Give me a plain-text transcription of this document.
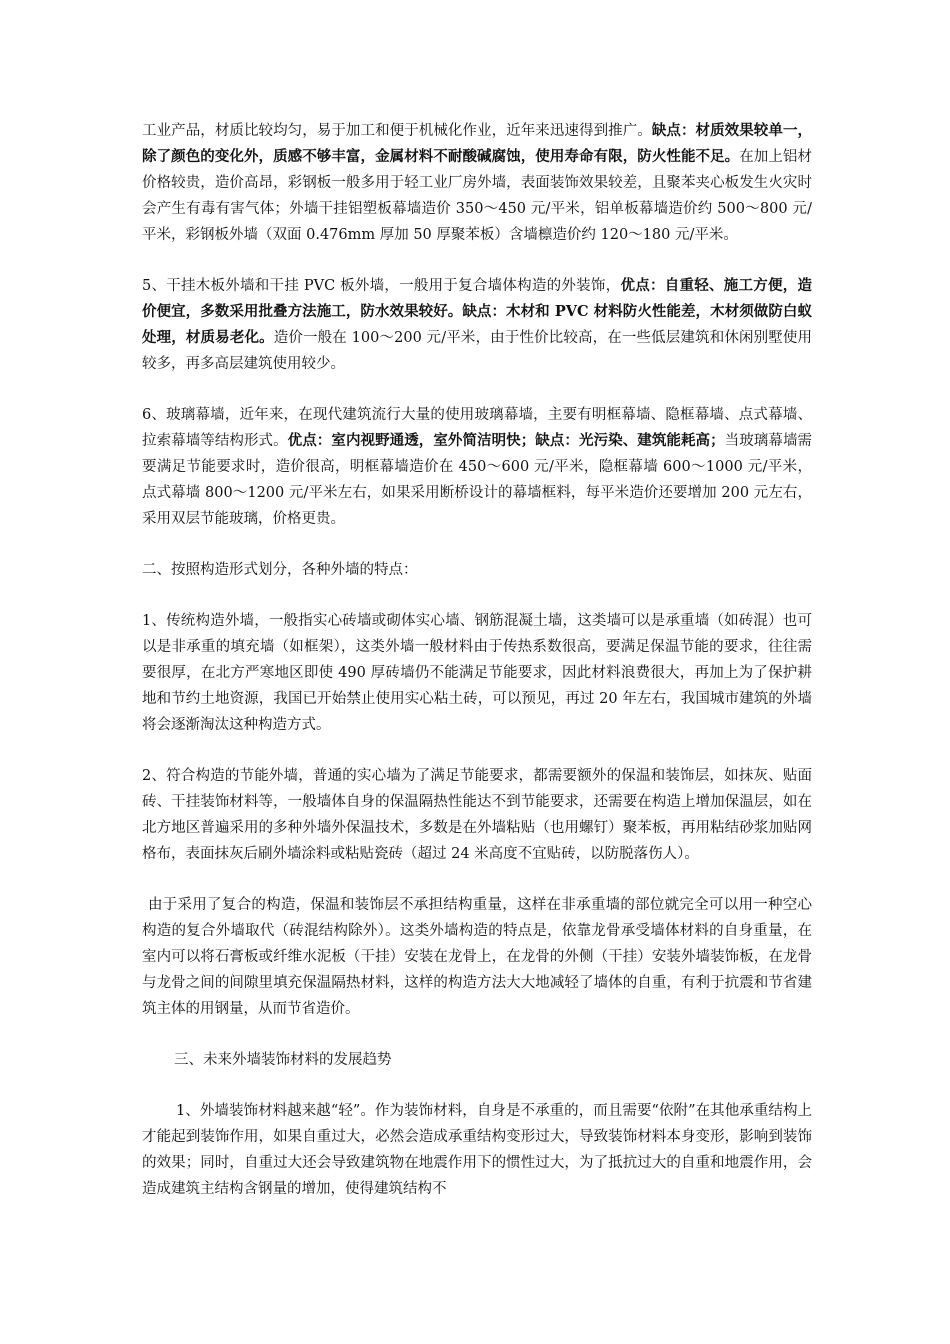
工业产品，材质比较均匀，易于加工和便于机械化作业，近年来迅速得到推广。缺点：材质效果较单一，除了颜色的变化外，质感不够丰富，金属材料不耐酸碱腐蚀，使用寿命有限，防火性能不足。在加上铝材价格较贵，造价高昂，彩钢板一般多用于轻工业厂房外墙，表面装饰效果较差，且聚苯夹心板发生火灾时会产生有毒有害气体；外墙干挂铝塑板幕墙造价 350～450 元/平米，铝单板幕墙造价约 500～800 元/平米，彩钢板外墙（双面 0.476mm 厚加 50 厚聚苯板）含墙檩造价约 120～180 元/平米。

5、干挂木板外墙和干挂 PVC 板外墙，一般用于复合墙体构造的外装饰，优点：自重轻、施工方便，造价便宜，多数采用批叠方法施工，防水效果较好。缺点：木材和 PVC 材料防火性能差，木材须做防白蚁处理，材质易老化。造价一般在 100～200 元/平米，由于性价比较高，在一些低层建筑和休闲别墅使用较多，再多高层建筑使用较少。

6、玻璃幕墙，近年来，在现代建筑流行大量的使用玻璃幕墙，主要有明框幕墙、隐框幕墙、点式幕墙、拉索幕墙等结构形式。优点：室内视野通透，室外简洁明快；缺点：光污染、建筑能耗高；当玻璃幕墙需要满足节能要求时，造价很高，明框幕墙造价在 450～600 元/平米，隐框幕墙 600～1000 元/平米，点式幕墙 800～1200 元/平米左右，如果采用断桥设计的幕墙框料，每平米造价还要增加 200 元左右，采用双层节能玻璃，价格更贵。

二、按照构造形式划分，各种外墙的特点：

1、传统构造外墙，一般指实心砖墙或砌体实心墙、钢筋混凝土墙，这类墙可以是承重墙（如砖混）也可以是非承重的填充墙（如框架），这类外墙一般材料由于传热系数很高，要满足保温节能的要求，往往需要很厚，在北方严寒地区即使 490 厚砖墙仍不能满足节能要求，因此材料浪费很大，再加上为了保护耕地和节约土地资源，我国已开始禁止使用实心粘土砖，可以预见，再过 20 年左右，我国城市建筑的外墙将会逐渐淘汰这种构造方式。

2、符合构造的节能外墙，普通的实心墙为了满足节能要求，都需要额外的保温和装饰层，如抹灰、贴面砖、干挂装饰材料等，一般墙体自身的保温隔热性能达不到节能要求，还需要在构造上增加保温层，如在北方地区普遍采用的多种外墙外保温技术，多数是在外墙粘贴（也用螺钉）聚苯板，再用粘结砂浆加贴网格布，表面抹灰后刷外墙涂料或粘贴瓷砖（超过 24 米高度不宜贴砖，以防脱落伤人）。

由于采用了复合的构造，保温和装饰层不承担结构重量，这样在非承重墙的部位就完全可以用一种空心构造的复合外墙取代（砖混结构除外）。这类外墙构造的特点是，依靠龙骨承受墙体材料的自身重量，在室内可以将石膏板或纤维水泥板（干挂）安装在龙骨上，在龙骨的外侧（干挂）安装外墙装饰板，在龙骨与龙骨之间的间隙里填充保温隔热材料，这样的构造方法大大地减轻了墙体的自重，有利于抗震和节省建筑主体的用钢量，从而节省造价。

三、未来外墙装饰材料的发展趋势

1、外墙装饰材料越来越“轻”。作为装饰材料，自身是不承重的，而且需要“依附”在其他承重结构上才能起到装饰作用，如果自重过大，必然会造成承重结构变形过大，导致装饰材料本身变形，影响到装饰的效果；同时，自重过大还会导致建筑物在地震作用下的惯性过大，为了抵抗过大的自重和地震作用，会造成建筑主结构含钢量的增加，使得建筑结构不
